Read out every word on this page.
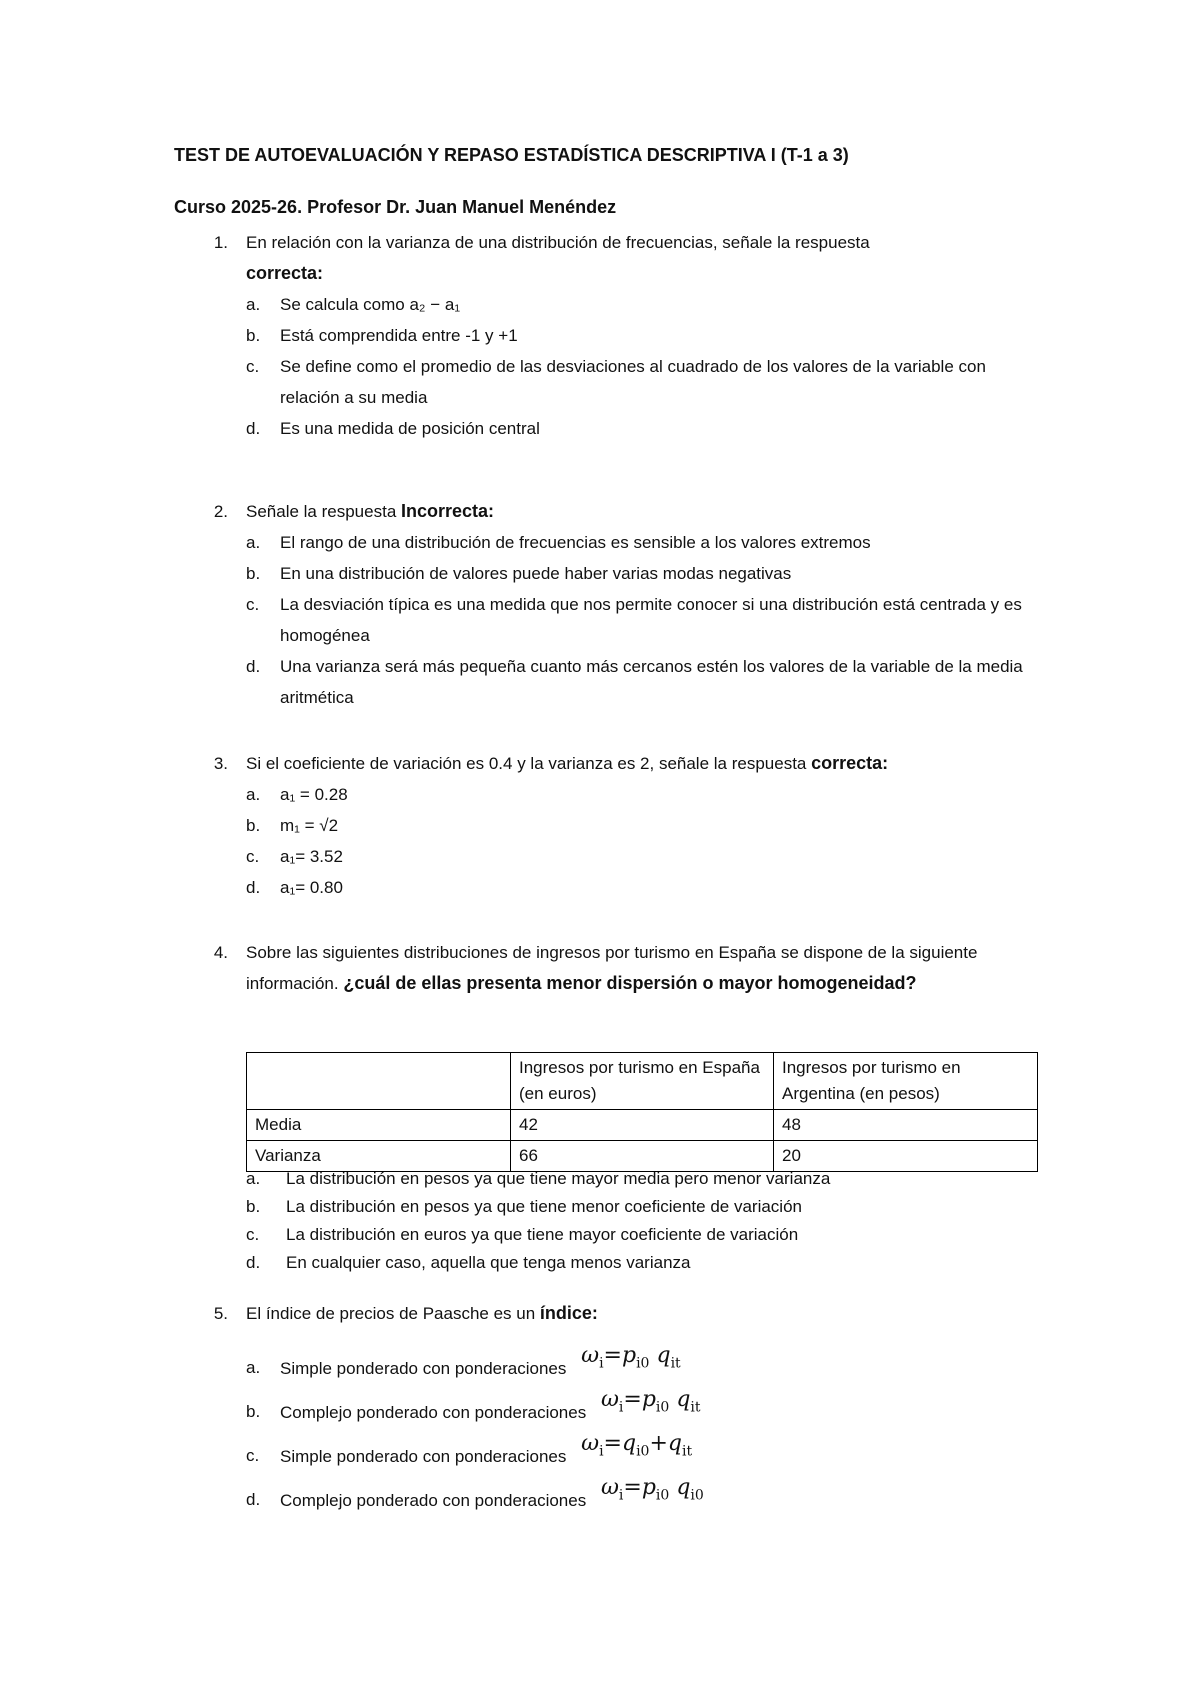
TEST DE AUTOEVALUACIÓN Y REPASO ESTADÍSTICA DESCRIPTIVA I (T-1 a 3)
Curso 2025-26. Profesor Dr. Juan Manuel Menéndez
1. En relación con la varianza de una distribución de frecuencias, señale la respuesta
correcta:
a. Se calcula como a₂ − a₁
b. Está comprendida entre -1 y +1
c. Se define como el promedio de las desviaciones al cuadrado de los valores de la variable con relación a su media
d. Es una medida de posición central
2. Señale la respuesta Incorrecta:
a. El rango de una distribución de frecuencias es sensible a los valores extremos
b. En una distribución de valores puede haber varias modas negativas
c. La desviación típica es una medida que nos permite conocer si una distribución está centrada y es homogénea
d. Una varianza será más pequeña cuanto más cercanos estén los valores de la variable de la media aritmética
3. Si el coeficiente de variación es 0.4 y la varianza es 2, señale la respuesta correcta:
a. a₁ = 0.28
b. m₁ = √2
c. a₁= 3.52
d. a₁= 0.80
4. Sobre las siguientes distribuciones de ingresos por turismo en España se dispone de la siguiente información. ¿cuál de ellas presenta menor dispersión o mayor homogeneidad?
	Ingresos por turismo en España (en euros)	Ingresos por turismo en Argentina (en pesos)
Media	42	48
Varianza	66	20
a. La distribución en pesos ya que tiene mayor media pero menor varianza
b. La distribución en pesos ya que tiene menor coeficiente de variación
c. La distribución en euros ya que tiene mayor coeficiente de variación
d. En cualquier caso, aquella que tenga menos varianza
5. El índice de precios de Paasche es un índice:
a. Simple ponderado con ponderaciones $\omega_i=p_{i0}$ $q_{it}$
b. Complejo ponderado con ponderaciones $\omega_i=p_{i0}$ $q_{it}$
c. Simple ponderado con ponderaciones $\omega_i=q_{i0}+q_{it}$
d. Complejo ponderado con ponderaciones $\omega_i=p_{i0}$ $q_{i0}$
